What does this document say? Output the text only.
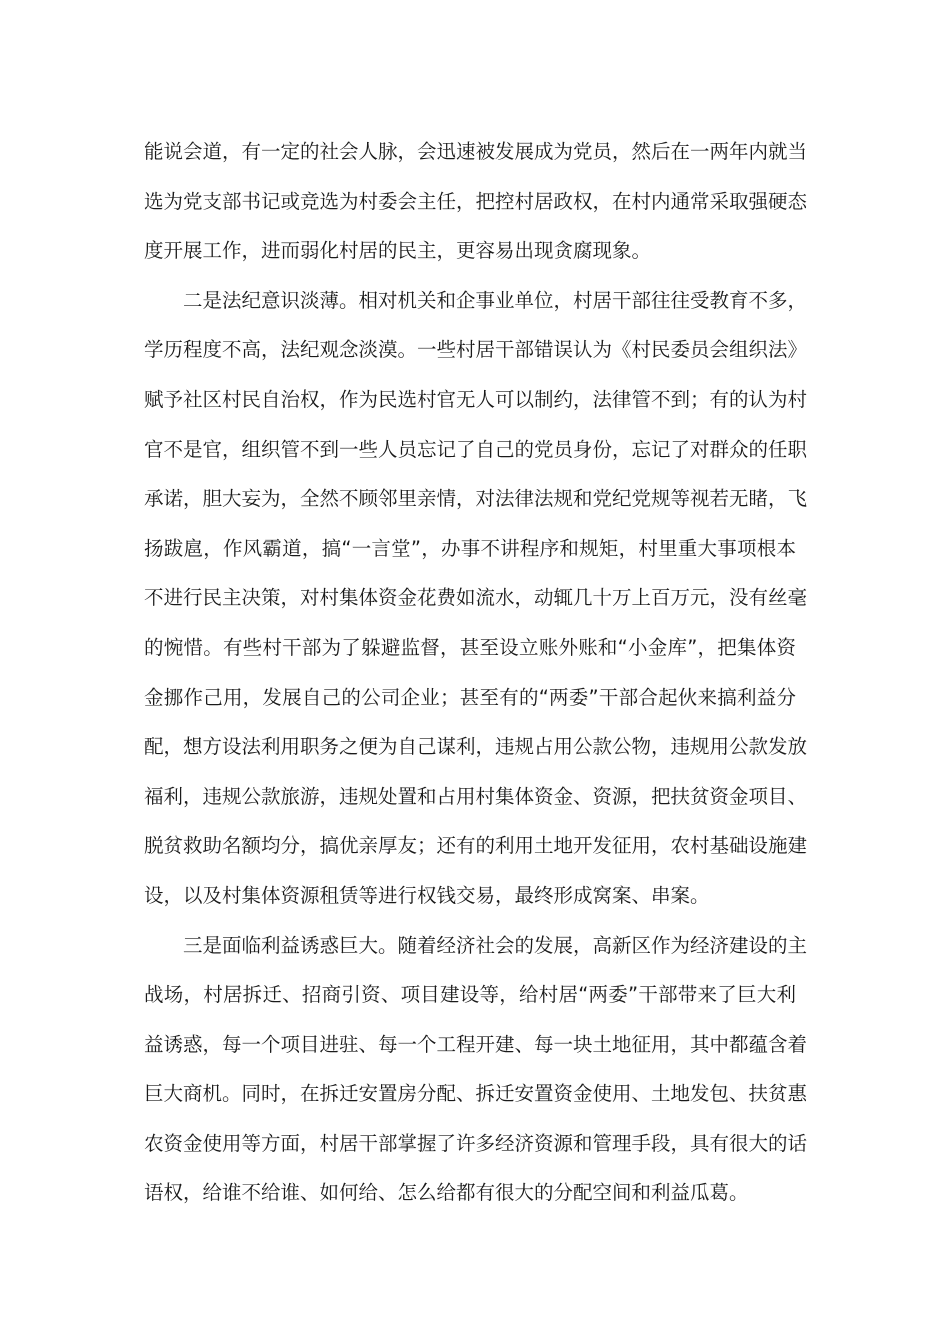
能说会道，有一定的社会人脉，会迅速被发展成为党员，然后在一两年内就当
选为党支部书记或竞选为村委会主任，把控村居政权，在村内通常采取强硬态
度开展工作，进而弱化村居的民主，更容易出现贪腐现象。
二是法纪意识淡薄。相对机关和企事业单位，村居干部往往受教育不多，
学历程度不高，法纪观念淡漠。一些村居干部错误认为《村民委员会组织法》
赋予社区村民自治权，作为民选村官无人可以制约，法律管不到；有的认为村
官不是官，组织管不到一些人员忘记了自己的党员身份，忘记了对群众的任职
承诺，胆大妄为，全然不顾邻里亲情，对法律法规和党纪党规等视若无睹，飞
扬跋扈，作风霸道，搞“一言堂”，办事不讲程序和规矩，村里重大事项根本
不进行民主决策，对村集体资金花费如流水，动辄几十万上百万元，没有丝毫
的惋惜。有些村干部为了躲避监督，甚至设立账外账和“小金库”，把集体资
金挪作己用，发展自己的公司企业；甚至有的“两委”干部合起伙来搞利益分
配，想方设法利用职务之便为自己谋利，违规占用公款公物，违规用公款发放
福利，违规公款旅游，违规处置和占用村集体资金、资源，把扶贫资金项目、
脱贫救助名额均分，搞优亲厚友；还有的利用土地开发征用，农村基础设施建
设，以及村集体资源租赁等进行权钱交易，最终形成窝案、串案。
三是面临利益诱惑巨大。随着经济社会的发展，高新区作为经济建设的主
战场，村居拆迁、招商引资、项目建设等，给村居“两委”干部带来了巨大利
益诱惑，每一个项目进驻、每一个工程开建、每一块土地征用，其中都蕴含着
巨大商机。同时，在拆迁安置房分配、拆迁安置资金使用、土地发包、扶贫惠
农资金使用等方面，村居干部掌握了许多经济资源和管理手段，具有很大的话
语权，给谁不给谁、如何给、怎么给都有很大的分配空间和利益瓜葛。
